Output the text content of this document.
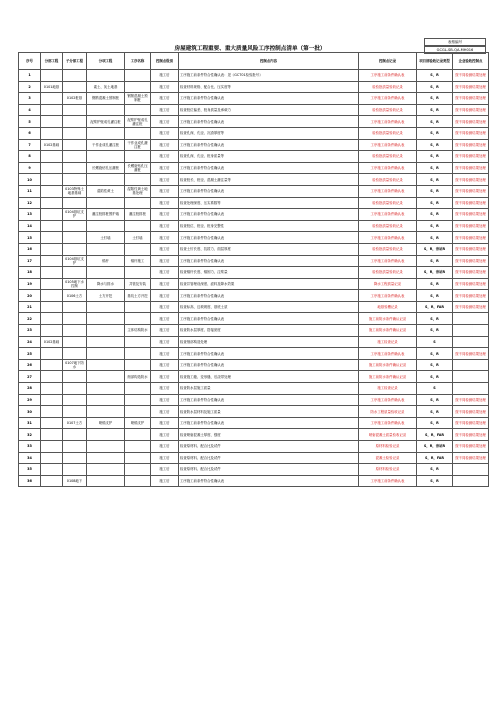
房屋建筑工程重要、重大质量风险工序控制点清单（第一批）
表格编号
GCGL-SB-QA-MH016
序号	分部工程	子分部工程	分项工程	工序名称	控制点级别	控制点内容	控制点记录	项目部验收记录类型	企业验收控制点
1					施工后	工序施工前条件符合性确认表：见《GCT01检验批号》	工序施工前条件确认表	S，R	按不同检测结果处理
2	0101地基		素土、灰土地基		施工后	检查材料规格、配合比、压实度等	检验批质量验收记录	S，R	按不同检测结果处理
3		0102桩基	钢筋混凝土预制桩	钢筋混凝土预制桩	施工后	工序施工前条件符合性确认表	工序施工前条件确认表	S，R	按不同检测结果处理
4					施工后	检查桩位偏差、桩身质量及承载力	检验批质量验收记录	S，R	按不同检测结果处理
5			泥浆护壁成孔灌注桩	泥浆护壁成孔灌注桩	施工后	工序施工前条件符合性确认表	工序施工前条件确认表	S，R	按不同检测结果处理
6					施工后	检查孔深、孔径、沉渣厚度等	检验批质量验收记录	S，R	按不同检测结果处理
7	0102基础		干作业成孔灌注桩	干作业成孔灌注桩	施工后	工序施工前条件符合性确认表	工序施工前条件确认表	S，R	按不同检测结果处理
8					施工后	检查孔深、孔径、桩身质量等	检验批质量验收记录	S，R	按不同检测结果处理
9			长螺旋钻孔压灌桩	长螺旋钻孔压灌桩	施工后	工序施工前条件符合性确认表	工序施工前条件确认表	S，R	按不同检测结果处理
10					施工后	检查桩长、桩径、混凝土灌注量等	检验批质量验收记录	S，R	按不同检测结果处理
11		0103特殊土地基基础	湿陷性黄土	湿陷性黄土地基处理	施工后	工序施工前条件符合性确认表	工序施工前条件确认表	S，R	按不同检测结果处理
12					施工后	检查处理深度、压实系数等	检验批质量验收记录	S，R	按不同检测结果处理
13		0104基坑支护	灌注桩排桩围护墙	灌注桩排桩	施工后	工序施工前条件符合性确认表	工序施工前条件确认表	S，R	按不同检测结果处理
14					施工后	检查桩位、桩径、桩身完整性	检验批质量验收记录	S，R	按不同检测结果处理
15			土钉墙	土钉墙	施工后	工序施工前条件符合性确认表	工序施工前条件确认表	S，R	按不同检测结果处理
16					施工后	检查土钉长度、抗拔力、面层厚度	检验批质量验收记录	S，R，旁站R	按不同检测结果处理
17		0104基坑支护	锚杆	锚杆施工	施工后	工序施工前条件符合性确认表	工序施工前条件确认表	S，R	按不同检测结果处理
18					施工后	检查锚杆长度、锚固力、注浆量	检验批质量验收记录	S，R，旁站R	按不同检测结果处理
19		0105地下水控制	降水与排水	井管及安装	施工后	检查井管埋设深度、滤料及降水效果	降水工程质量记录	S，R	按不同检测结果处理
20		0106土方	土方开挖	基坑土方开挖	施工后	工序施工前条件符合性确认表	工序施工前条件确认表	S，R	按不同检测结果处理
21					施工后	检查标高、边坡坡度、基底土质	地基验槽记录	S，R，FAR	按不同检测结果处理
22					施工后	工序施工前条件符合性确认表	施工前防水条件确认记录	S，R	
23				主体结构防水	施工后	检查防水层厚度、搭接宽度	施工前防水条件确认记录	S，R	
24	0102基础				施工后	检查细部构造处理	施工检查记录	S	
25					施工后	工序施工前条件符合性确认表	工序施工前条件确认表	S，R	按不同检测结果处理
26		0107地下防水			施工后	工序施工前条件符合性确认表	施工前防水条件确认记录	S，R	
27				细部构造防水	施工后	检查施工缝、变形缝、后浇带处理	施工前防水条件确认记录	S，R	
28					施工后	检查防水层施工质量	施工检查记录	S	
29					施工后	工序施工前条件符合性确认表	工序施工前条件确认表	S，R	按不同检测结果处理
30					施工后	检查防水层材料及施工质量	防水工程质量验收记录	S，R	按不同检测结果处理
31		0107土方	喷锚支护	喷锚支护	施工后	工序施工前条件符合性确认表	工序施工前条件确认表	S，R	按不同检测结果处理
32					施工后	检查喷射混凝土厚度、强度	喷射混凝土质量验收记录	S，R，FAR	按不同检测结果处理
33					施工后	检查原材料、配合比及试件	原材料检验记录	S，R，旁站R	按不同检测结果处理
34					施工后	检查原材料、配合比及试件	混凝土检验记录	S，R，FAR	按不同检测结果处理
35					施工后	检查原材料、配合比及试件	原材料检验记录	S，R	
36		0108地下			施工后	工序施工前条件符合性确认表	工序施工前条件确认表	S，R	
